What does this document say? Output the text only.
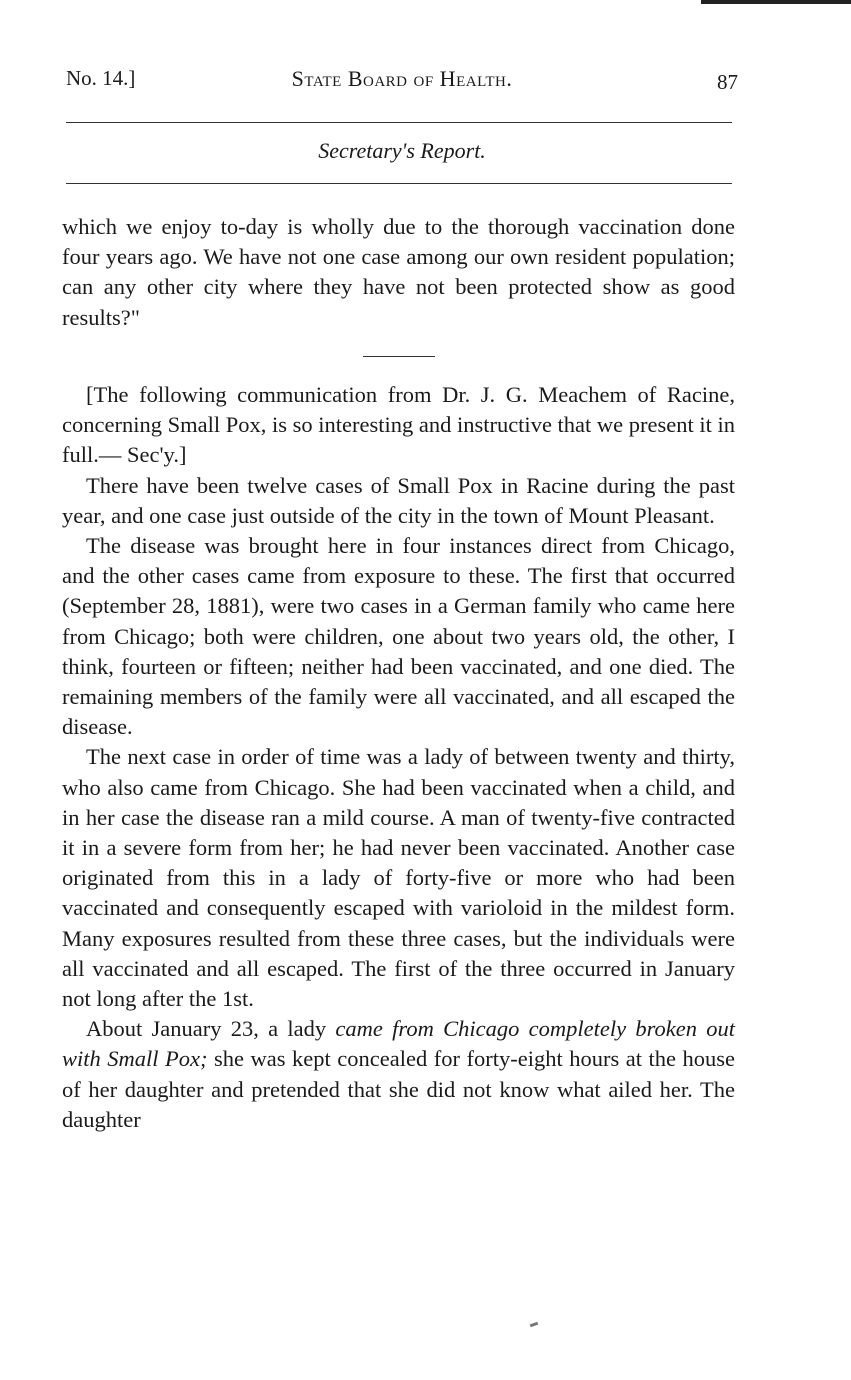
No. 14.]	State Board of Health.	87
Secretary's Report.

which we enjoy to-day is wholly due to the thorough vaccination done four years ago. We have not one case among our own resident population; can any other city where they have not been protected show as good results?"

[The following communication from Dr. J. G. Meachem of Racine, concerning Small Pox, is so interesting and instructive that we present it in full.— Sec'y.]

There have been twelve cases of Small Pox in Racine during the past year, and one case just outside of the city in the town of Mount Pleasant.

The disease was brought here in four instances direct from Chicago, and the other cases came from exposure to these. The first that occurred (September 28, 1881), were two cases in a German family who came here from Chicago; both were children, one about two years old, the other, I think, fourteen or fifteen; neither had been vaccinated, and one died. The remaining members of the family were all vaccinated, and all escaped the disease.

The next case in order of time was a lady of between twenty and thirty, who also came from Chicago. She had been vaccinated when a child, and in her case the disease ran a mild course. A man of twenty-five contracted it in a severe form from her; he had never been vaccinated. Another case originated from this in a lady of forty-five or more who had been vaccinated and consequently escaped with varioloid in the mildest form. Many exposures resulted from these three cases, but the individuals were all vaccinated and all escaped. The first of the three occurred in January not long after the 1st.

About January 23, a lady came from Chicago completely broken out with Small Pox; she was kept concealed for forty-eight hours at the house of her daughter and pretended that she did not know what ailed her. The daughter
